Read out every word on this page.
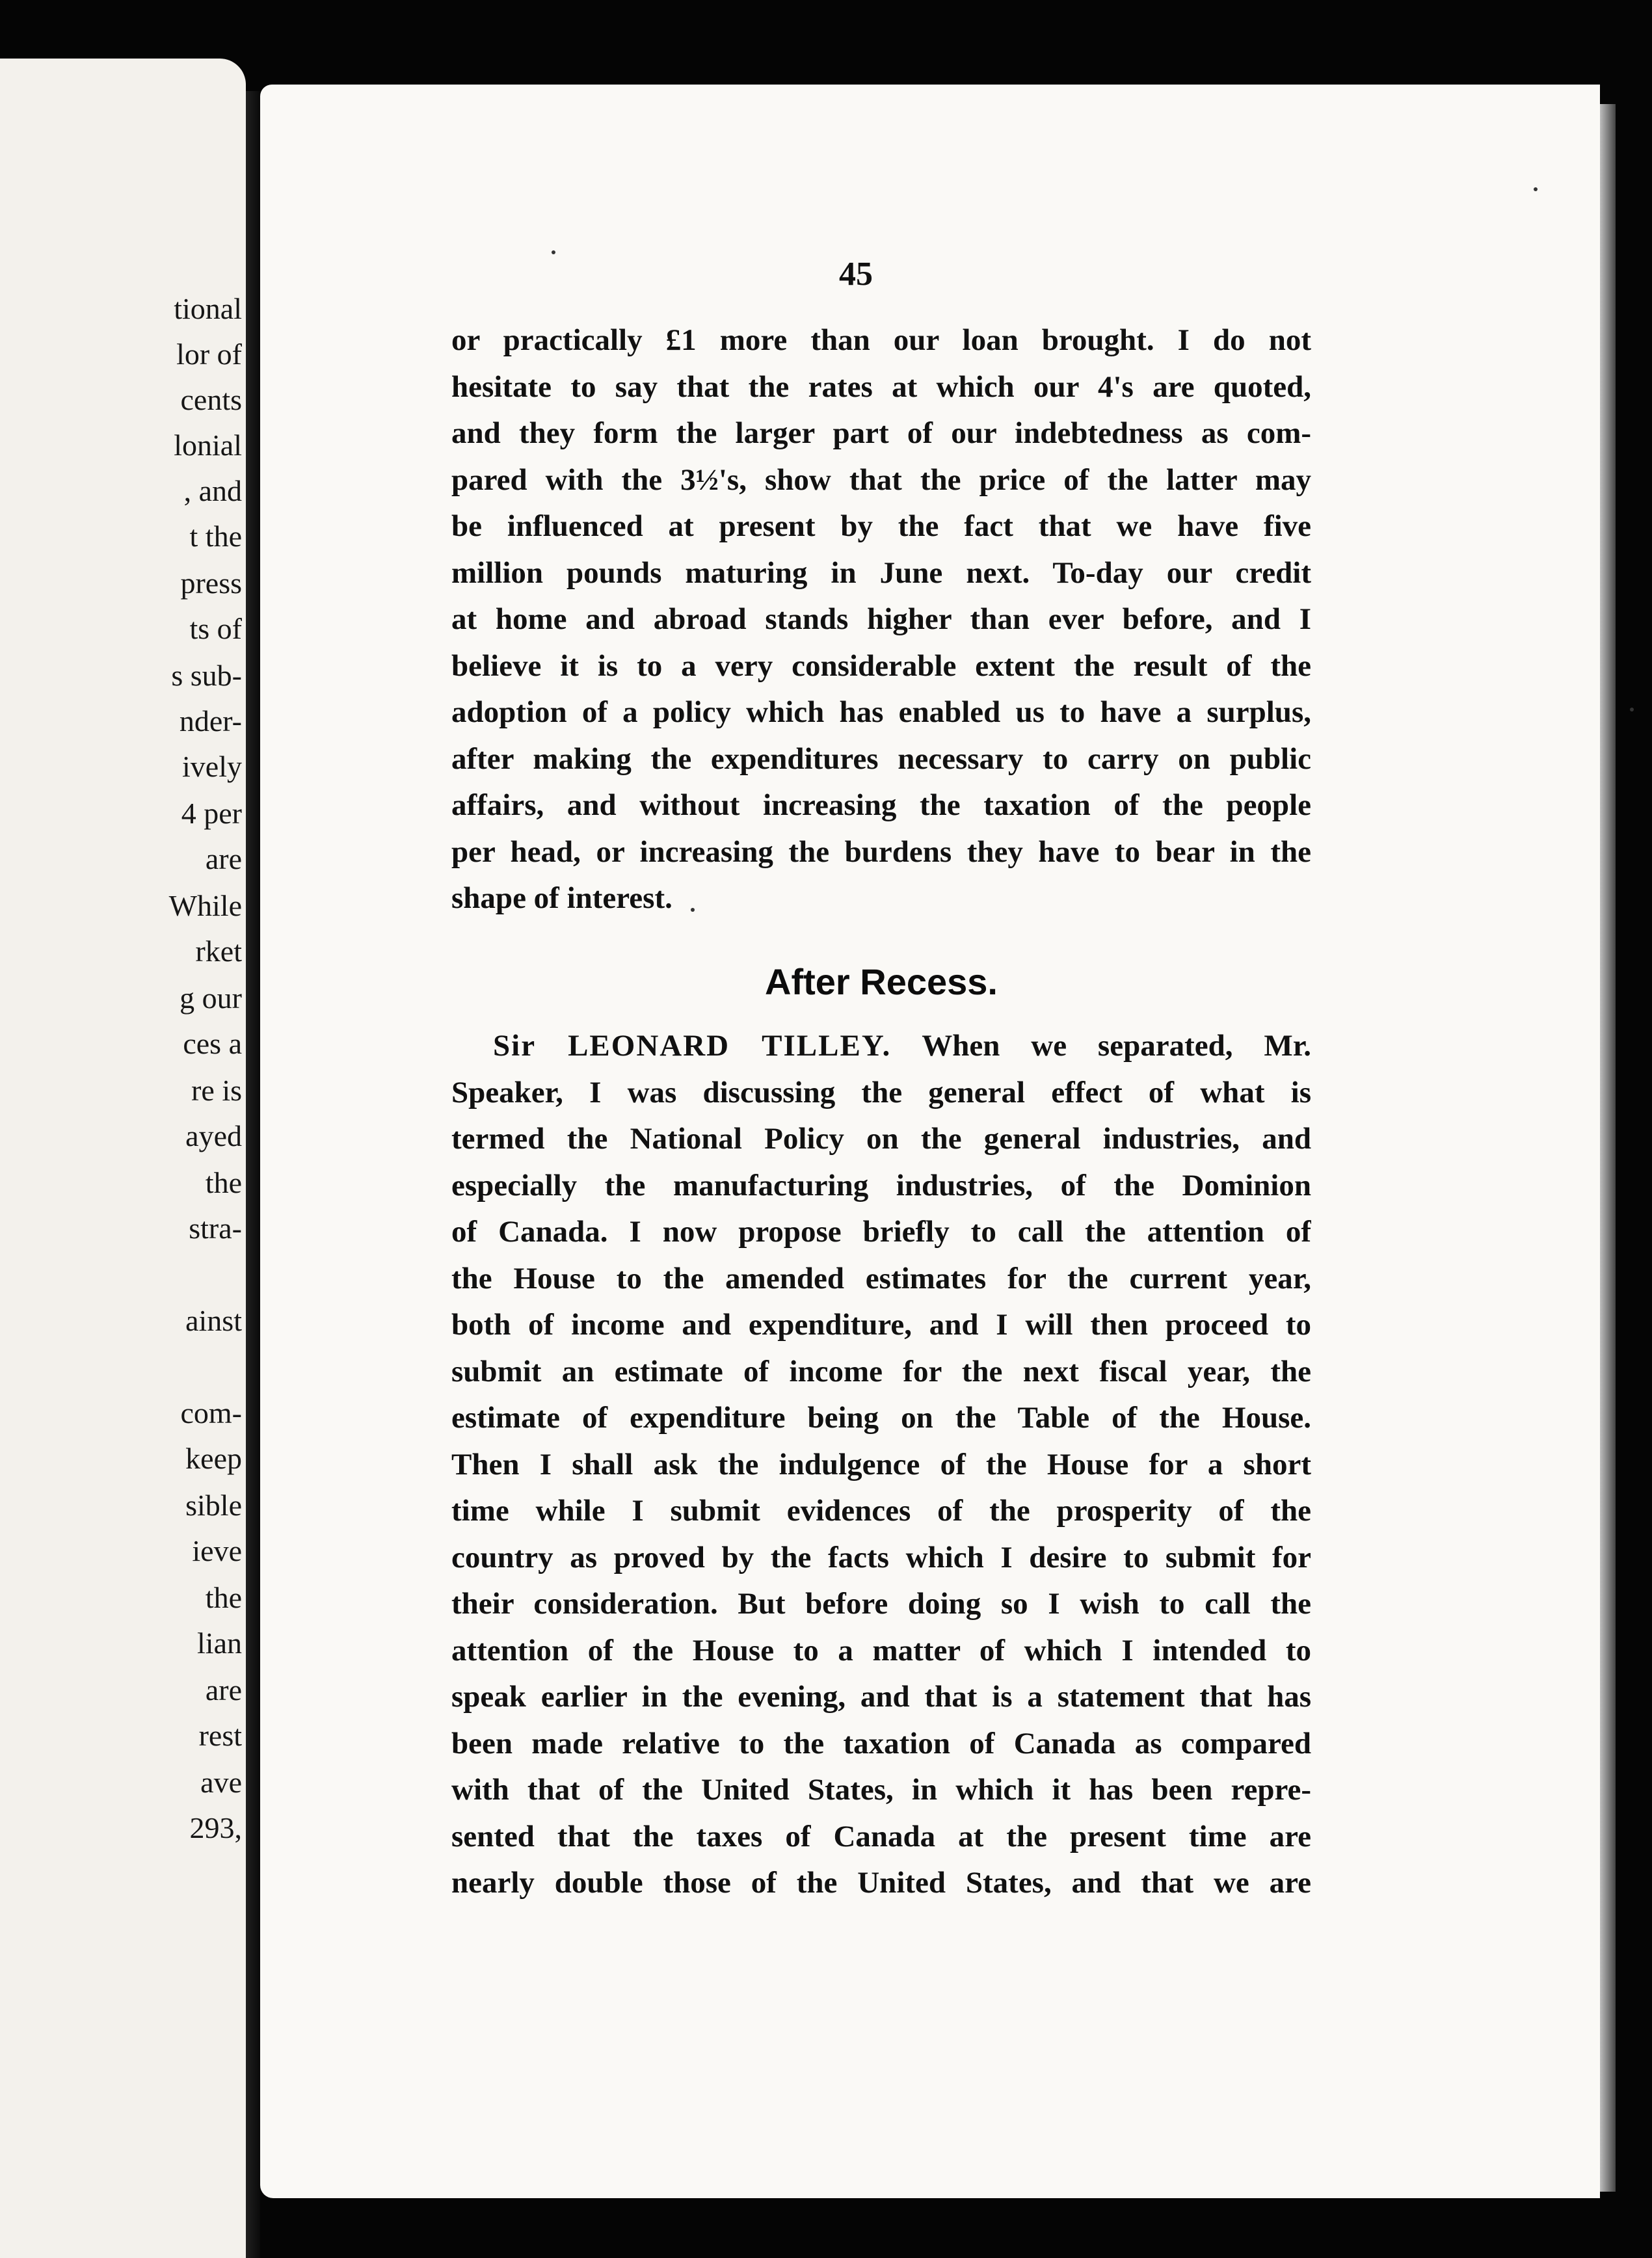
tional

lor of

cents

lonial

, and

t the

press

ts of

s sub-

nder-

ively

4 per

are

While

rket

g our

ces a

re is

ayed

the

stra-

ainst

com-

keep

sible

ieve

the

lian

are

rest

ave

293,

45

or practically £1 more than our loan brought. I do not

hesitate to say that the rates at which our 4's are quoted,

and they form the larger part of our indebtedness as com-

pared with the 3½'s, show that the price of the latter may

be influenced at present by the fact that we have five

million pounds maturing in June next. To-day our credit

at home and abroad stands higher than ever before, and I

believe it is to a very considerable extent the result of the

adoption of a policy which has enabled us to have a surplus,

after making the expenditures necessary to carry on public

affairs, and without increasing the taxation of the people

per head, or increasing the burdens they have to bear in the

shape of interest.

After Recess.

Sir LEONARD TILLEY. When we separated, Mr.

Speaker, I was discussing the general effect of what is

termed the National Policy on the general industries, and

especially the manufacturing industries, of the Dominion

of Canada. I now propose briefly to call the attention of

the House to the amended estimates for the current year,

both of income and expenditure, and I will then proceed to

submit an estimate of income for the next fiscal year, the

estimate of expenditure being on the Table of the House.

Then I shall ask the indulgence of the House for a short

time while I submit evidences of the prosperity of the

country as proved by the facts which I desire to submit for

their consideration. But before doing so I wish to call the

attention of the House to a matter of which I intended to

speak earlier in the evening, and that is a statement that has

been made relative to the taxation of Canada as compared

with that of the United States, in which it has been repre-

sented that the taxes of Canada at the present time are

nearly double those of the United States, and that we are
